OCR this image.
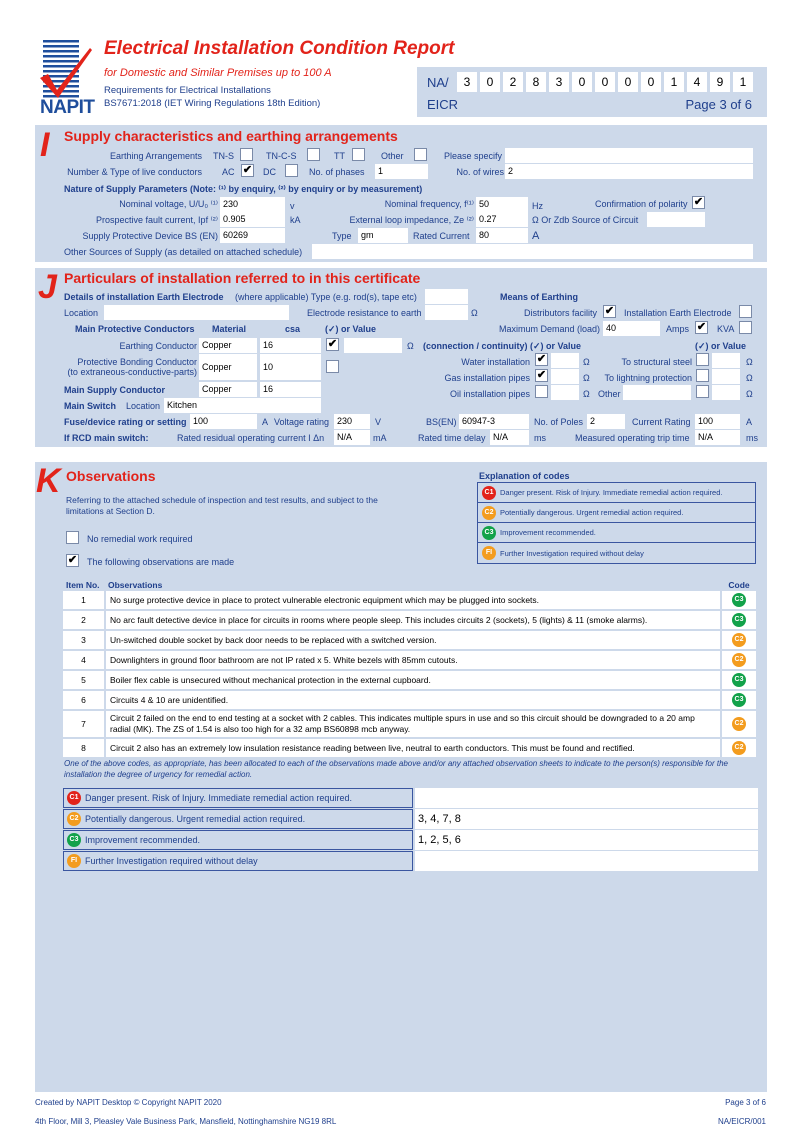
NAPIT
Electrical Installation Condition Report
for Domestic and Similar Premises up to 100 A
Requirements for Electrical Installations
BS7671:2018 (IET Wiring Regulations 18th Edition)
NA/	3	0	2	8	3	0	0	0	0	1	4	9	1
EICR	Page 3 of 6
I Supply characteristics and earthing arrangements
Earthing Arrangements TN-S	TN-C-S	TT	Other	Please specify
Number & Type of live conductors AC ✔ DC	No. of phases	1	No. of wires 2
Nature of Supply Parameters (Note: ⁽¹⁾ by enquiry, ⁽²⁾ by enquiry or by measurement)
Nominal voltage, U/U₀ ⁽¹⁾ 230	v	Nominal frequency, f⁽¹⁾ 50	Hz	Confirmation of polarity ✔
Prospective fault current, Ipf ⁽²⁾ 0.905	kA	External loop impedance, Ze ⁽²⁾ 0.27	Ω Or Zdb Source of Circuit
Supply Protective Device BS (EN) 60269	Type	gm	Rated Current	80	A
Other Sources of Supply (as detailed on attached schedule)
J Particulars of installation referred to in this certificate
Details of installation Earth Electrode (where applicable) Type (e.g. rod(s), tape etc)	Means of Earthing
Location	Electrode resistance to earth	Ω	Distributors facility ✔ Installation Earth Electrode
Main Protective Conductors Material	csa	(✓) or Value	Maximum Demand (load) 40	Amps ✔ KVA
Earthing Conductor Copper	16	✔	Ω (connection / continuity) (✓) or Value	(✓) or Value
Protective Bonding Conductor
(to extraneous-conductive-parts) Copper	10	Water installation ✔	Ω	To structural steel	Ω
Gas installation pipes ✔	Ω	To lightning protection	Ω
Main Supply Conductor	Copper	16	Oil installation pipes	Ω Other	Ω
Main Switch Location Kitchen
Fuse/device rating or setting 100	A Voltage rating 230	V	BS(EN) 60947-3	No. of Poles 2	Current Rating 100	A
If RCD main switch:	Rated residual operating current I Δn	N/A	mA	Rated time delay N/A	ms	Measured operating trip time N/A	ms
K Observations
Referring to the attached schedule of inspection and test results, and subject to the limitations at Section D.
No remedial work required
✔ The following observations are made
Explanation of codes
C1 Danger present. Risk of Injury. Immediate remedial action required.
C2 Potentially dangerous. Urgent remedial action required.
C3 Improvement recommended.
FI	Further Investigation required without delay
Item No.	Observations	Code
1	No surge protective device in place to protect vulnerable electronic equipment which may be plugged into sockets.	C3
2	No arc fault detective device in place for circuits in rooms where people sleep. This includes circuits 2 (sockets), 5 (lights) & 11 (smoke alarms).	C3
3	Un-switched double socket by back door needs to be replaced with a switched version.	C2
4	Downlighters in ground floor bathroom are not IP rated x 5. White bezels with 85mm cutouts.	C2
5	Boiler flex cable is unsecured without mechanical protection in the external cupboard.	C3
6	Circuits 4 & 10 are unidentified.	C3
7	Circuit 2 failed on the end to end testing at a socket with 2 cables. This indicates multiple spurs in use and so this circuit should be downgraded to a 20 amp radial (MK). The ZS of 1.54 is also too high for a 32 amp BS60898 mcb anyway.	C2
8	Circuit 2 also has an extremely low insulation resistance reading between live, neutral to earth conductors. This must be found and rectified.	C2
One of the above codes, as appropriate, has been allocated to each of the observations made above and/or any attached observation sheets to indicate to the person(s) responsible for the installation the degree of urgency for remedial action.
C1 Danger present. Risk of Injury. Immediate remedial action required.
C2 Potentially dangerous. Urgent remedial action required.	3, 4, 7, 8
C3 Improvement recommended.	1, 2, 5, 6
FI Further Investigation required without delay
Created by NAPIT Desktop © Copyright NAPIT 2020	Page 3 of 6
4th Floor, Mill 3, Pleasley Vale Business Park, Mansfield, Nottinghamshire NG19 8RL	NA/EICR/001
